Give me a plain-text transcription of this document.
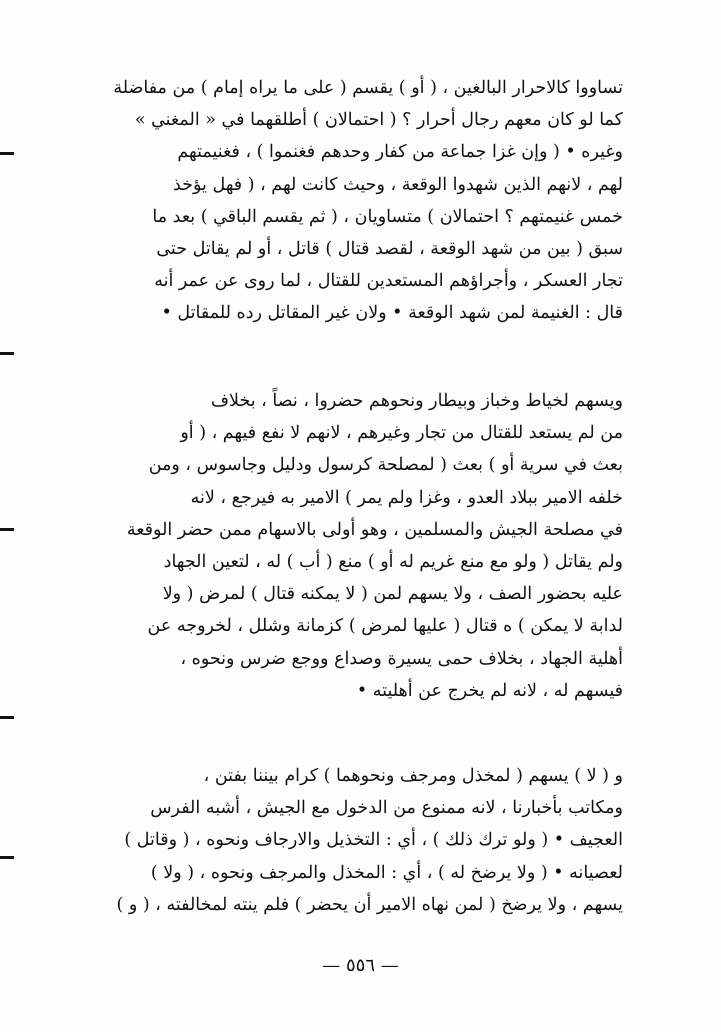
تساووا كالاحرار البالغين ، ( أو ) يقسم ( على ما يراه إمام ) من مفاضلة
كما لو كان معهم رجال أحرار ؟ ( احتمالان ) أطلقهما في « المغني »
وغيره • ( وإن غزا جماعة من كفار وحدهم فغنموا ) ، فغنيمتهم
لهم ، لانهم الذين شهدوا الوقعة ، وحيث كانت لهم ، ( فهل يؤخذ
خمس غنيمتهم ؟ احتمالان ) متساويان ، ( ثم يقسم الباقي ) بعد ما
سبق ( بين من شهد الوقعة ، لقصد قتال ) قاتل ، أو لم يقاتل حتى
تجار العسكر ، وأجراؤهم المستعدين للقتال ، لما روى عن عمر أنه
قال : الغنيمة لمن شهد الوقعة • ولان غير المقاتل رده للمقاتل •
ويسهم لخياط وخباز وبيطار ونحوهم حضروا ، نصاً ، بخلاف
من لم يستعد للقتال من تجار وغيرهم ، لانهم لا نفع فيهم ، ( أو
بعث في سرية أو ) بعث ( لمصلحة كرسول ودليل وجاسوس ، ومن
خلفه الامير ببلاد العدو ، وغزا ولم يمر ) الامير به فيرجع ، لانه
في مصلحة الجيش والمسلمين ، وهو أولى بالاسهام ممن حضر الوقعة
ولم يقاتل ( ولو مع منع غريم له أو ) منع ( أب ) له ، لتعين الجهاد
عليه بحضور الصف ، ولا يسهم لمن ( لا يمكنه قتال ) لمرض ( ولا
لدابة لا يمكن ) ه قتال ( عليها لمرض ) كزمانة وشلل ، لخروجه عن
أهلية الجهاد ، بخلاف حمى يسيرة وصداع ووجع ضرس ونحوه ،
فيسهم له ، لانه لم يخرج عن أهليته •
و ( لا ) يسهم ( لمخذل ومرجف ونحوهما ) كرام بيننا بفتن ،
ومكاتب بأخبارنا ، لانه ممنوع من الدخول مع الجيش ، أشبه الفرس
العجيف • ( ولو ترك ذلك ) ، أي : التخذيل والارجاف ونحوه ، ( وقاتل )
لعصيانه • ( ولا يرضخ له ) ، أي : المخذل والمرجف ونحوه ، ( ولا )
يسهم ، ولا يرضخ ( لمن نهاه الامير أن يحضر ) فلم ينته لمخالفته ، ( و )
— ٥٥٦ —
